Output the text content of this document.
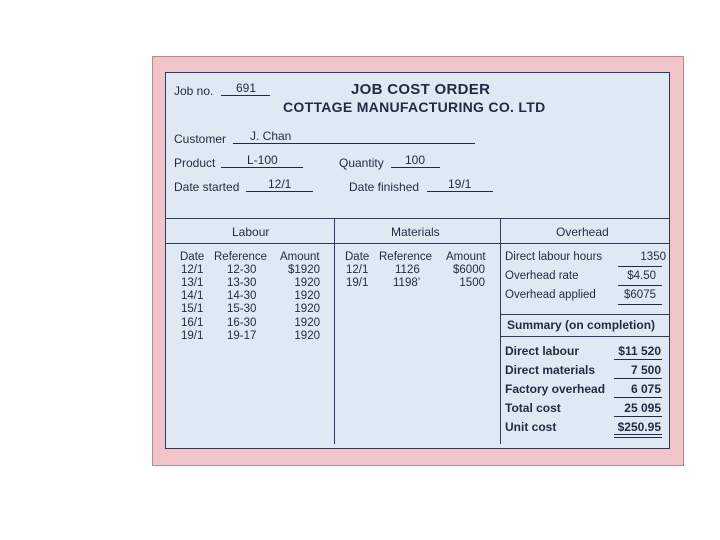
Job no. 691	JOB COST ORDER
COTTAGE MANUFACTURING CO. LTD
Customer J. Chan
Product	L-100	Quantity 100
Date started 12/1	Date finished 19/1
Labour	Materials	Overhead
Date Reference Amount
12/1 12-30	$1920
13/1 13-30	1920
14/1 14-30	1920
15/1 15-30	1920
16/1 16-30	1920
19/1 19-17	1920
Date Reference Amount
12/1 1126	$6000
19/1 1198’	1500
Direct labour hours	1350
Overhead rate	$4.50
Overhead applied	$6075
Summary (on completion)
Direct labour	$11 520
Direct materials	7 500
Factory overhead	6 075
Total cost	25 095
Unit cost	$250.95
